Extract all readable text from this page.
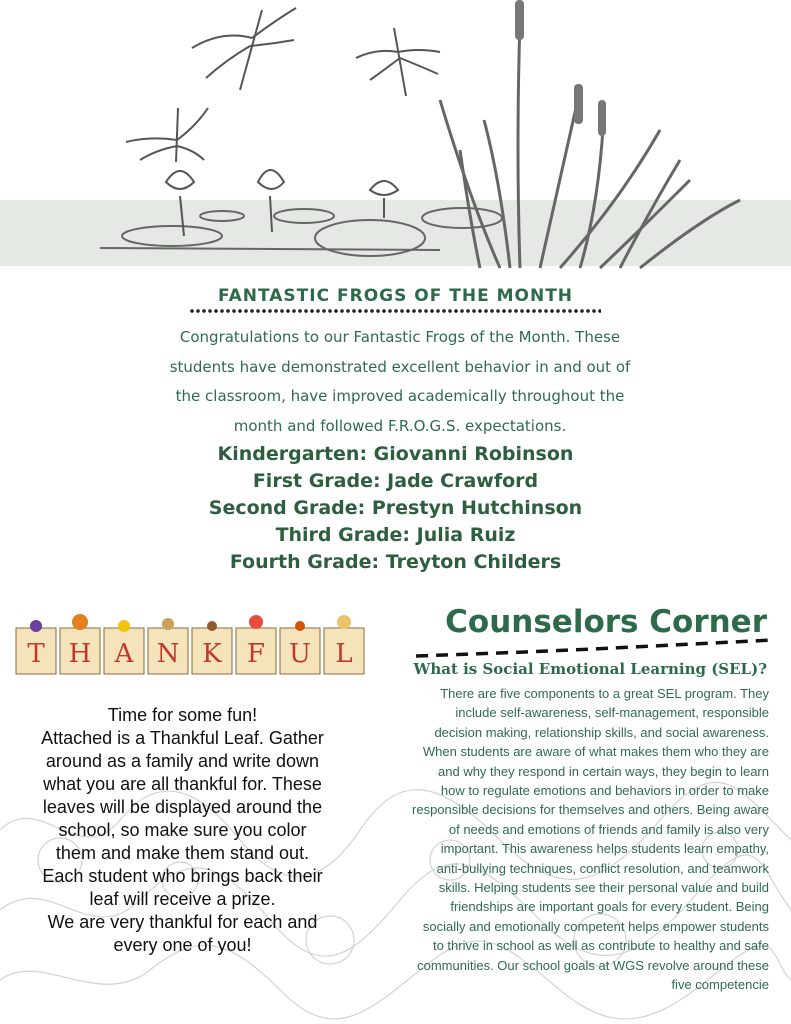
FANTASTIC FROGS OF THE MONTH
Congratulations to our Fantastic Frogs of the Month. These
students have demonstrated excellent behavior in and out of
the classroom, have improved academically throughout the
month and followed F.R.O.G.S. expectations.
Kindergarten: Giovanni Robinson
First Grade: Jade Crawford
Second Grade: Prestyn Hutchinson
Third Grade: Julia Ruiz
Fourth Grade: Treyton Childers
T H A N K F U L
Time for some fun!
Attached is a Thankful Leaf. Gather
around as a family and write down
what you are all thankful for. These
leaves will be displayed around the
school, so make sure you color
them and make them stand out.
Each student who brings back their
leaf will receive a prize.
We are very thankful for each and
every one of you!
Counselors Corner
What is Social Emotional Learning (SEL)?
There are five components to a great SEL program. They
include self-awareness, self-management, responsible
decision making, relationship skills, and social awareness.
When students are aware of what makes them who they are
and why they respond in certain ways, they begin to learn
how to regulate emotions and behaviors in order to make
responsible decisions for themselves and others. Being aware
of needs and emotions of friends and family is also very
important. This awareness helps students learn empathy,
anti-bullying techniques, conflict resolution, and teamwork
skills. Helping students see their personal value and build
friendships are important goals for every student. Being
socially and emotionally competent helps empower students
to thrive in school as well as contribute to healthy and safe
communities. Our school goals at WGS revolve around these
five competencie
